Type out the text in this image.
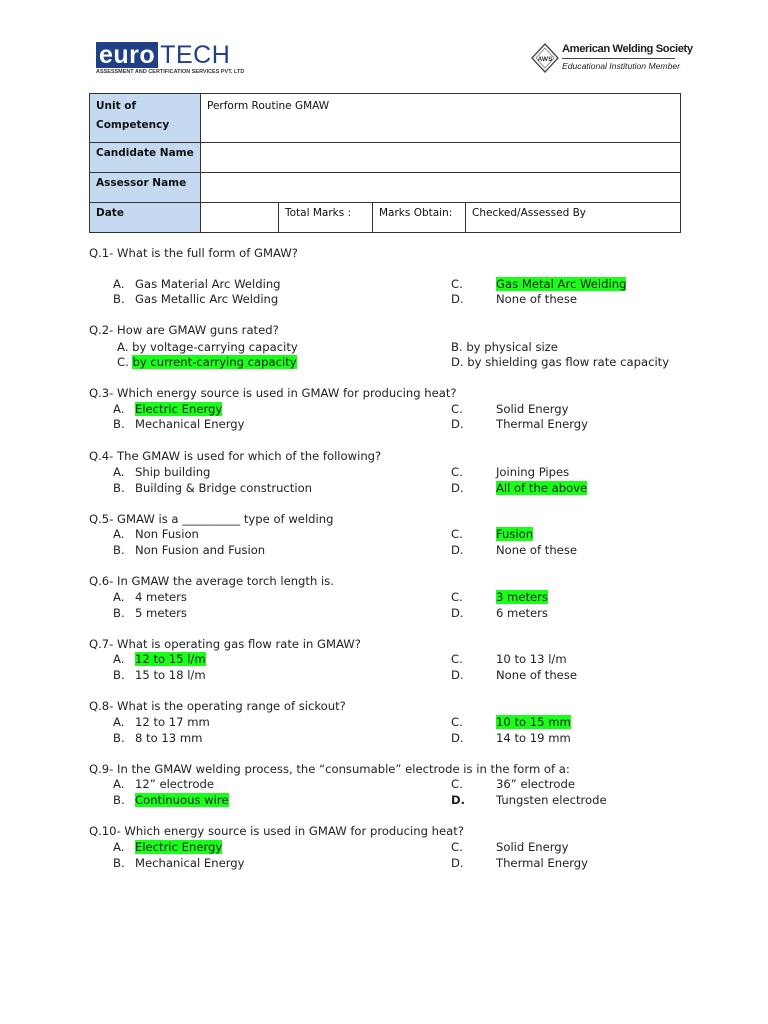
euro TECH
ASSESSMENT AND CERTIFICATION SERVICES PVT. LTD
AWS
American Welding Society
Educational Institution Member
Unit of
Competency	Perform Routine GMAW			
Candidate Name				
Assessor Name				
Date		Total Marks :	Marks Obtain:	Checked/Assessed By
Q.1- What is the full form of GMAW?
A. Gas Material Arc Welding
B. Gas Metallic Arc Welding
C.	Gas Metal Arc Welding
D.	None of these
Q.2- How are GMAW guns rated?
A. by voltage-carrying capacity
C. by current-carrying capacity
B. by physical size
D. by shielding gas flow rate capacity
Q.3- Which energy source is used in GMAW for producing heat?
A. Electric Energy
B. Mechanical Energy
C.	Solid Energy
D.	Thermal Energy
Q.4- The GMAW is used for which of the following?
A. Ship building
B. Building & Bridge construction
C.	Joining Pipes
D.	All of the above
Q.5- GMAW is a __________ type of welding
A. Non Fusion
B. Non Fusion and Fusion
C.	Fusion
D.	None of these
Q.6- In GMAW the average torch length is.
A. 4 meters
B. 5 meters
C.	3 meters
D.	6 meters
Q.7- What is operating gas flow rate in GMAW?
A. 12 to 15 l/m
B. 15 to 18 l/m
C.	10 to 13 l/m
D.	None of these
Q.8- What is the operating range of sickout?
A. 12 to 17 mm
B. 8 to 13 mm
C.	10 to 15 mm
D.	14 to 19 mm
Q.9- In the GMAW welding process, the “consumable” electrode is in the form of a:
A. 12” electrode
B. Continuous wire
C.	36” electrode
D.	Tungsten electrode
Q.10- Which energy source is used in GMAW for producing heat?
A. Electric Energy
B. Mechanical Energy
C.	Solid Energy
D.	Thermal Energy
